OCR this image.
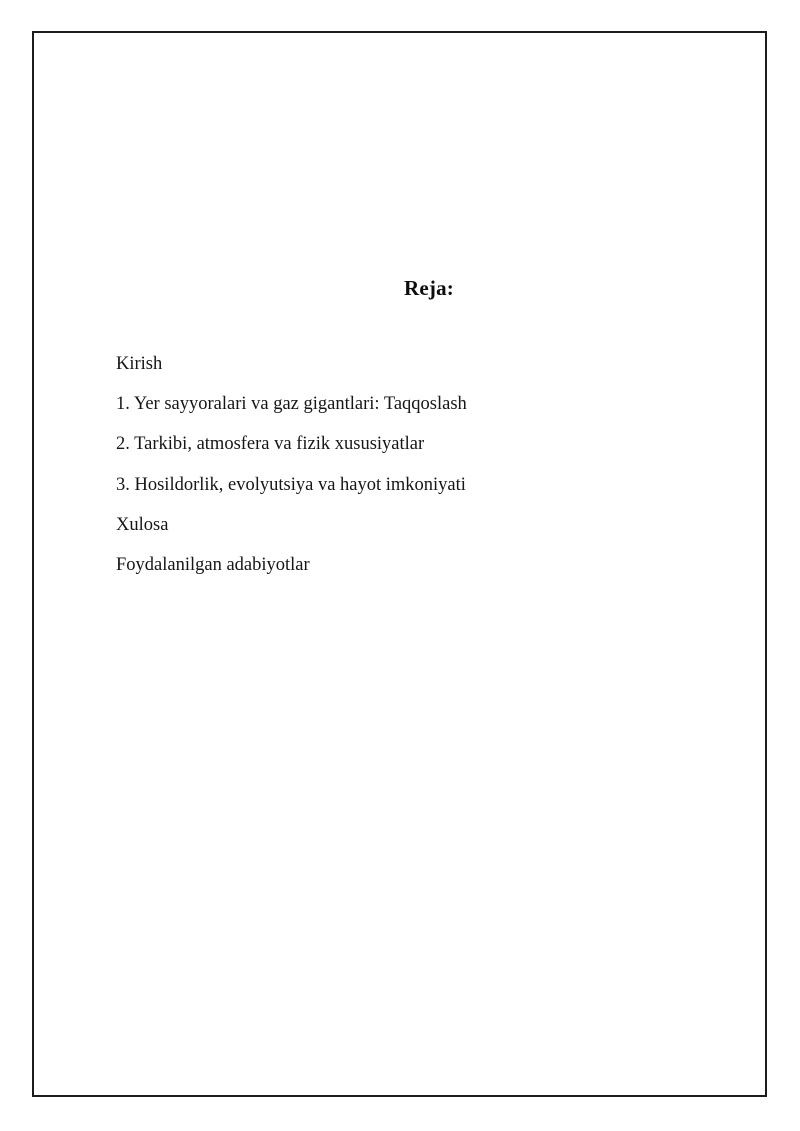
Reja:
Kirish
1. Yer sayyoralari va gaz gigantlari: Taqqoslash
2. Tarkibi, atmosfera va fizik xususiyatlar
3. Hosildorlik, evolyutsiya va hayot imkoniyati
Xulosa
Foydalanilgan adabiyotlar
